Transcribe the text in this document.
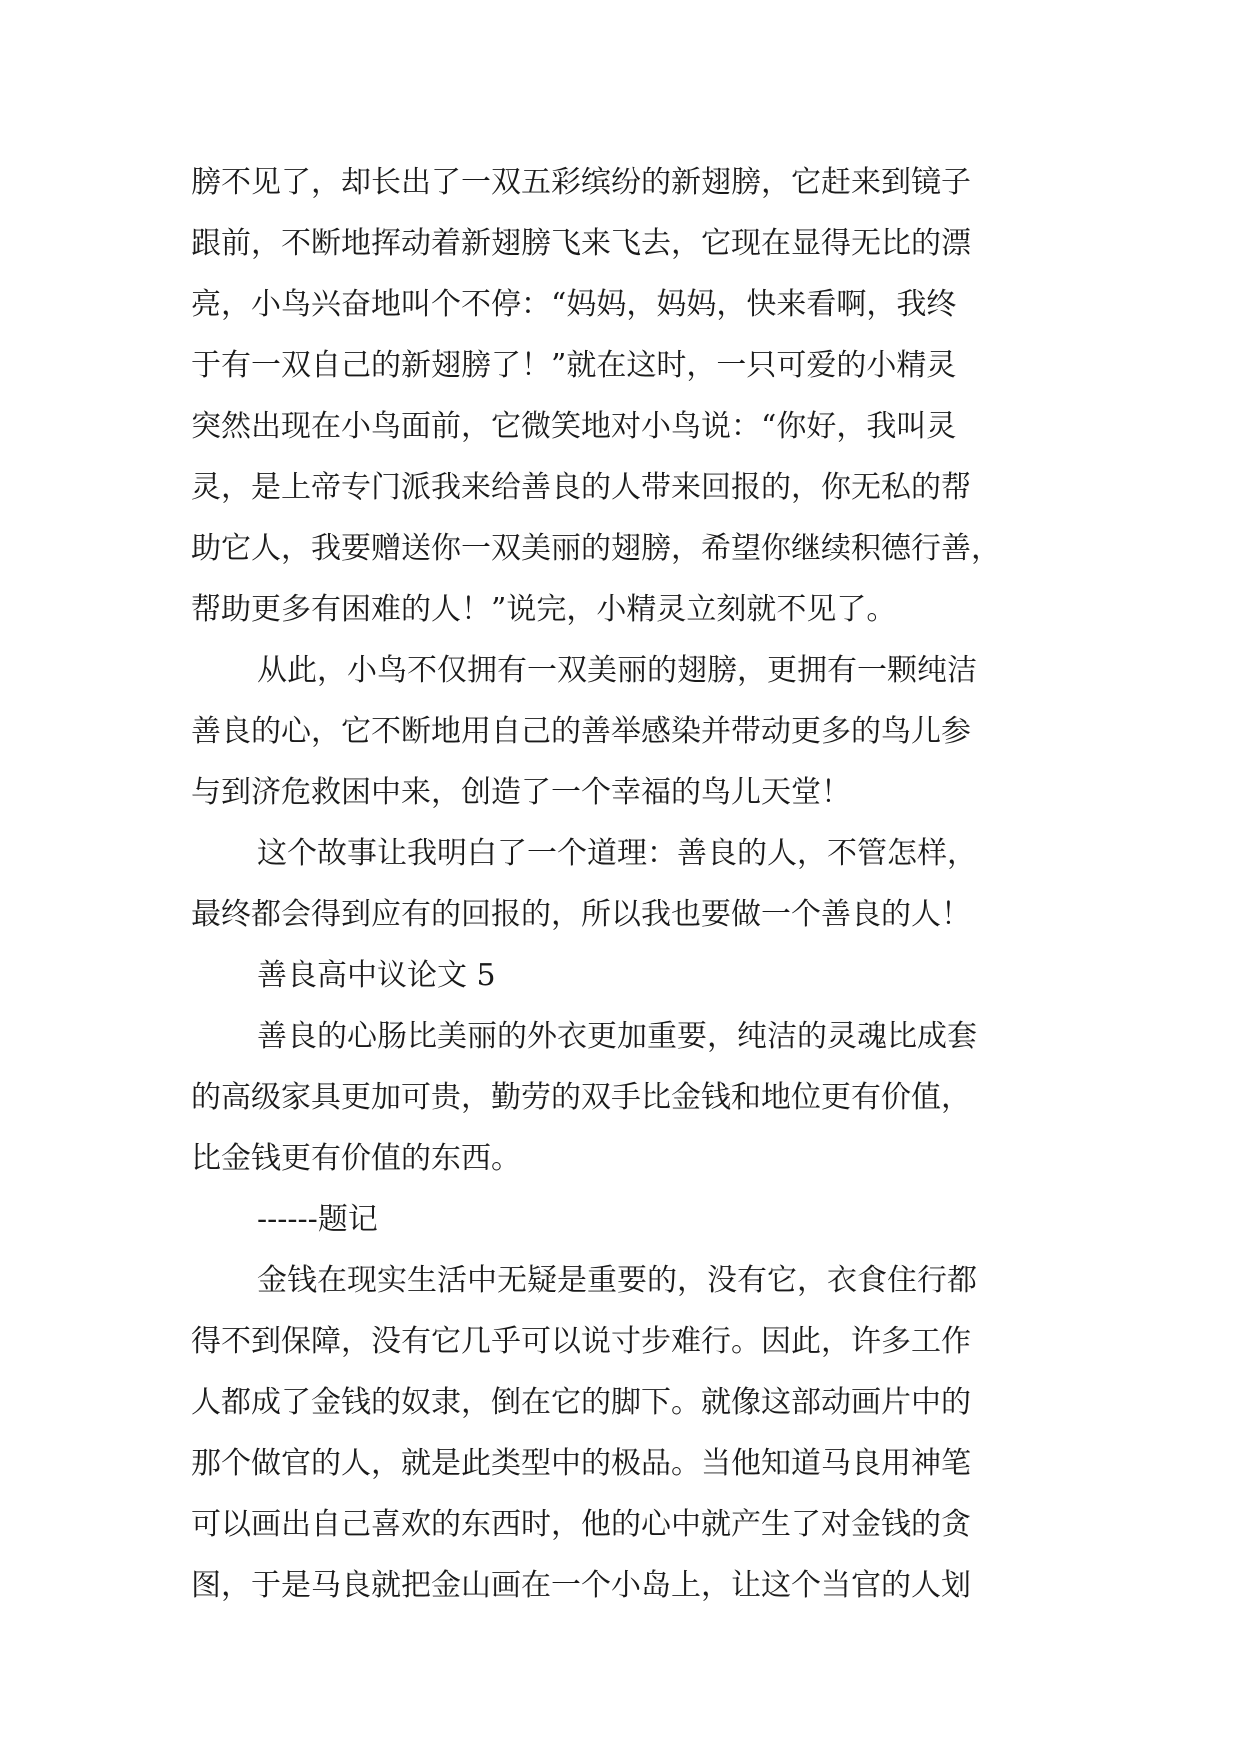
膀不见了，却长出了一双五彩缤纷的新翅膀，它赶来到镜子
跟前，不断地挥动着新翅膀飞来飞去，它现在显得无比的漂
亮，小鸟兴奋地叫个不停：“妈妈，妈妈，快来看啊，我终
于有一双自己的新翅膀了！”就在这时，一只可爱的小精灵
突然出现在小鸟面前，它微笑地对小鸟说：“你好，我叫灵
灵，是上帝专门派我来给善良的人带来回报的，你无私的帮
助它人，我要赠送你一双美丽的翅膀，希望你继续积德行善，
帮助更多有困难的人！”说完，小精灵立刻就不见了。
从此，小鸟不仅拥有一双美丽的翅膀，更拥有一颗纯洁
善良的心，它不断地用自己的善举感染并带动更多的鸟儿参
与到济危救困中来，创造了一个幸福的鸟儿天堂！
这个故事让我明白了一个道理：善良的人，不管怎样，
最终都会得到应有的回报的，所以我也要做一个善良的人！
善良高中议论文 5
善良的心肠比美丽的外衣更加重要，纯洁的灵魂比成套
的高级家具更加可贵，勤劳的双手比金钱和地位更有价值，
比金钱更有价值的东西。
------题记
金钱在现实生活中无疑是重要的，没有它，衣食住行都
得不到保障，没有它几乎可以说寸步难行。因此，许多工作
人都成了金钱的奴隶，倒在它的脚下。就像这部动画片中的
那个做官的人，就是此类型中的极品。当他知道马良用神笔
可以画出自己喜欢的东西时，他的心中就产生了对金钱的贪
图，于是马良就把金山画在一个小岛上，让这个当官的人划
